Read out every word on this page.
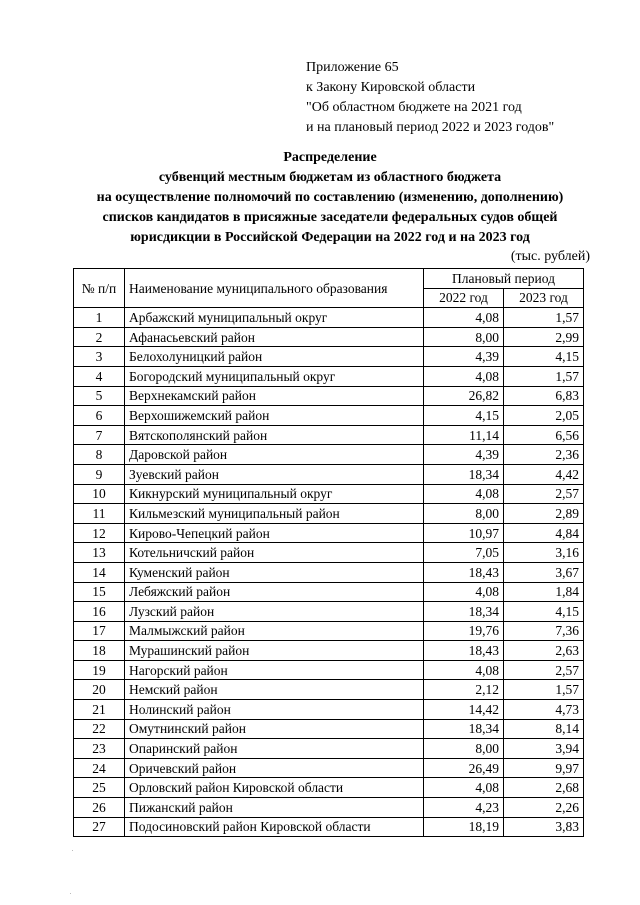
Приложение 65
к Закону Кировской области
"Об областном бюджете на 2021 год
и на плановый период 2022 и 2023 годов"
Распределение
субвенций местным бюджетам из областного бюджета
на осуществление полномочий по составлению (изменению, дополнению)
списков кандидатов в присяжные заседатели федеральных судов общей
юрисдикции в Российской Федерации на 2022 год и на 2023 год
(тыс. рублей)
№ п/п	Наименование муниципального образования	Плановый период	
		2022 год	2023 год
1	Арбажский муниципальный округ	4,08	1,57
2	Афанасьевский район	8,00	2,99
3	Белохолуницкий район	4,39	4,15
4	Богородский муниципальный округ	4,08	1,57
5	Верхнекамский район	26,82	6,83
6	Верхошижемский район	4,15	2,05
7	Вятскополянский район	11,14	6,56
8	Даровской район	4,39	2,36
9	Зуевский район	18,34	4,42
10	Кикнурский муниципальный округ	4,08	2,57
11	Кильмезский муниципальный район	8,00	2,89
12	Кирово-Чепецкий район	10,97	4,84
13	Котельничский район	7,05	3,16
14	Куменский район	18,43	3,67
15	Лебяжский район	4,08	1,84
16	Лузский район	18,34	4,15
17	Малмыжский район	19,76	7,36
18	Мурашинский район	18,43	2,63
19	Нагорский район	4,08	2,57
20	Немский район	2,12	1,57
21	Нолинский район	14,42	4,73
22	Омутнинский район	18,34	8,14
23	Опаринский район	8,00	3,94
24	Оричевский район	26,49	9,97
25	Орловский район Кировской области	4,08	2,68
26	Пижанский район	4,23	2,26
27	Подосиновский район Кировской области	18,19	3,83
